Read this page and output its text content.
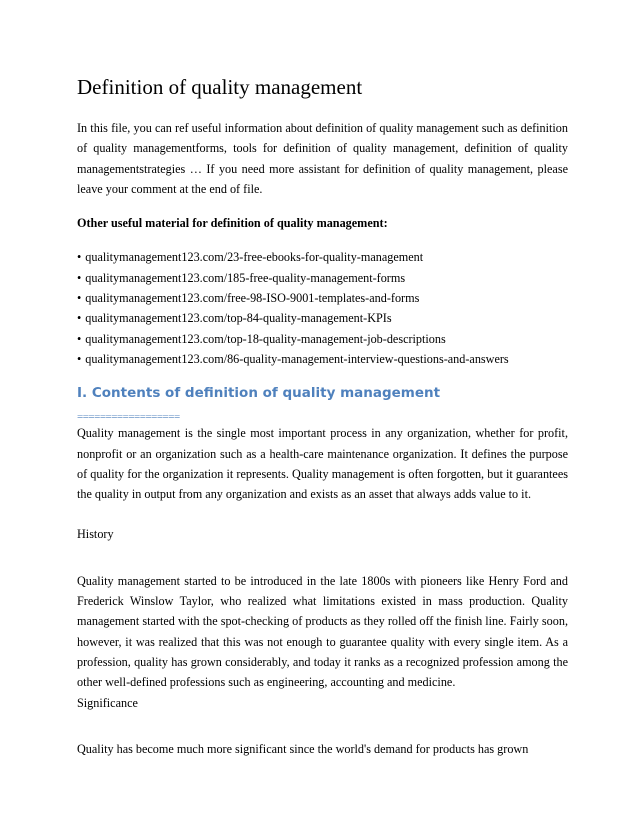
Definition of quality management

In this file, you can ref useful information about definition of quality management such as definition of quality managementforms, tools for definition of quality management, definition of quality managementstrategies … If you need more assistant for definition of quality management, please leave your comment at the end of file.

Other useful material for definition of quality management:

• qualitymanagement123.com/23-free-ebooks-for-quality-management
• qualitymanagement123.com/185-free-quality-management-forms
• qualitymanagement123.com/free-98-ISO-9001-templates-and-forms
• qualitymanagement123.com/top-84-quality-management-KPIs
• qualitymanagement123.com/top-18-quality-management-job-descriptions
• qualitymanagement123.com/86-quality-management-interview-questions-and-answers
I. Contents of definition of quality management
==================

Quality management is the single most important process in any organization, whether for profit, nonprofit or an organization such as a health-care maintenance organization. It defines the purpose of quality for the organization it represents. Quality management is often forgotten, but it guarantees the quality in output from any organization and exists as an asset that always adds value to it.

History

Quality management started to be introduced in the late 1800s with pioneers like Henry Ford and Frederick Winslow Taylor, who realized what limitations existed in mass production. Quality management started with the spot-checking of products as they rolled off the finish line. Fairly soon, however, it was realized that this was not enough to guarantee quality with every single item. As a profession, quality has grown considerably, and today it ranks as a recognized profession among the other well-defined professions such as engineering, accounting and medicine.

Significance

Quality has become much more significant since the world's demand for products has grown
